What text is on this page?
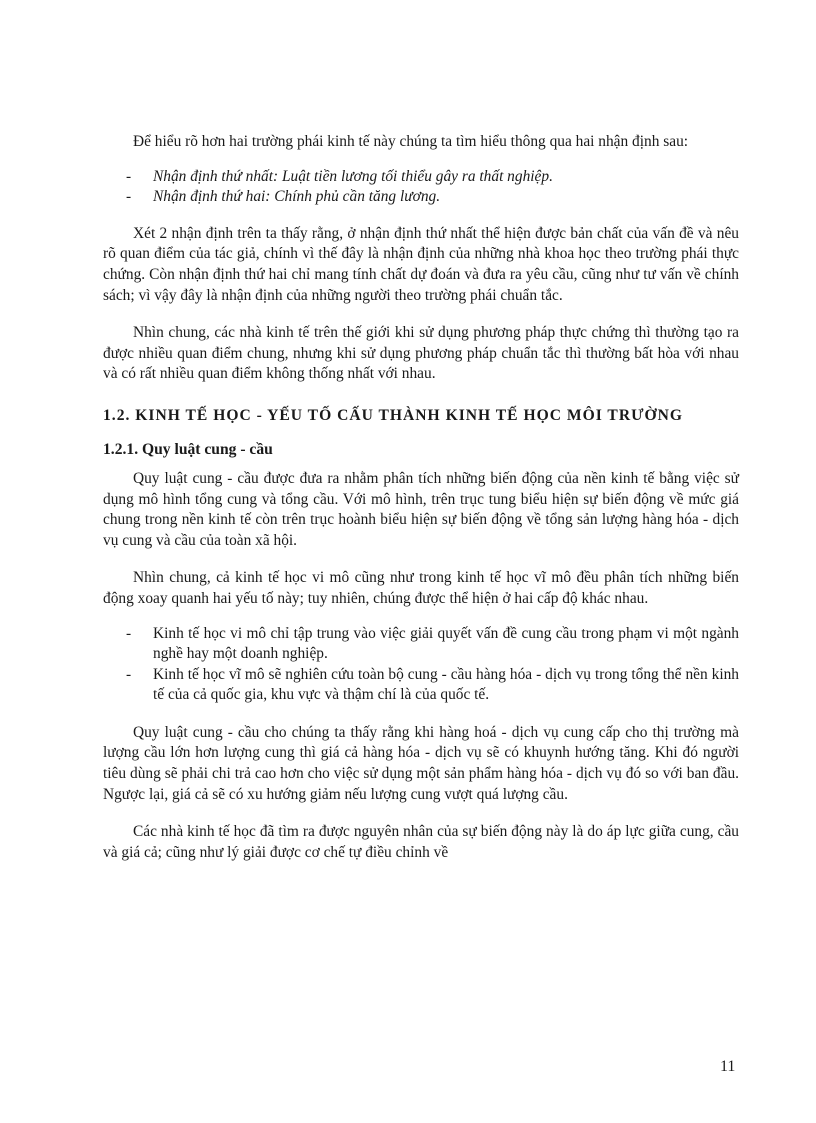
Để hiểu rõ hơn hai trường phái kinh tế này chúng ta tìm hiểu thông qua hai nhận định sau:

- Nhận định thứ nhất: Luật tiền lương tối thiểu gây ra thất nghiệp.
- Nhận định thứ hai: Chính phủ cần tăng lương.

Xét 2 nhận định trên ta thấy rằng, ở nhận định thứ nhất thể hiện được bản chất của vấn đề và nêu rõ quan điểm của tác giả, chính vì thế đây là nhận định của những nhà khoa học theo trường phái thực chứng. Còn nhận định thứ hai chỉ mang tính chất dự đoán và đưa ra yêu cầu, cũng như tư vấn về chính sách; vì vậy đây là nhận định của những người theo trường phái chuẩn tắc.

Nhìn chung, các nhà kinh tế trên thế giới khi sử dụng phương pháp thực chứng thì thường tạo ra được nhiều quan điểm chung, nhưng khi sử dụng phương pháp chuẩn tắc thì thường bất hòa với nhau và có rất nhiều quan điểm không thống nhất với nhau.

1.2. KINH TẾ HỌC - YẾU TỐ CẤU THÀNH KINH TẾ HỌC MÔI TRƯỜNG
1.2.1. Quy luật cung - cầu

Quy luật cung - cầu được đưa ra nhằm phân tích những biến động của nền kinh tế bằng việc sử dụng mô hình tổng cung và tổng cầu. Với mô hình, trên trục tung biểu hiện sự biến động về mức giá chung trong nền kinh tế còn trên trục hoành biểu hiện sự biến động về tổng sản lượng hàng hóa - dịch vụ cung và cầu của toàn xã hội.

Nhìn chung, cả kinh tế học vi mô cũng như trong kinh tế học vĩ mô đều phân tích những biến động xoay quanh hai yếu tố này; tuy nhiên, chúng được thể hiện ở hai cấp độ khác nhau.

- Kinh tế học vi mô chỉ tập trung vào việc giải quyết vấn đề cung cầu trong phạm vi một ngành nghề hay một doanh nghiệp.
- Kinh tế học vĩ mô sẽ nghiên cứu toàn bộ cung - cầu hàng hóa - dịch vụ trong tổng thể nền kinh tế của cả quốc gia, khu vực và thậm chí là của quốc tế.

Quy luật cung - cầu cho chúng ta thấy rằng khi hàng hoá - dịch vụ cung cấp cho thị trường mà lượng cầu lớn hơn lượng cung thì giá cả hàng hóa - dịch vụ sẽ có khuynh hướng tăng. Khi đó người tiêu dùng sẽ phải chi trả cao hơn cho việc sử dụng một sản phẩm hàng hóa - dịch vụ đó so với ban đầu. Ngược lại, giá cả sẽ có xu hướng giảm nếu lượng cung vượt quá lượng cầu.

Các nhà kinh tế học đã tìm ra được nguyên nhân của sự biến động này là do áp lực giữa cung, cầu và giá cả; cũng như lý giải được cơ chế tự điều chỉnh về

11
